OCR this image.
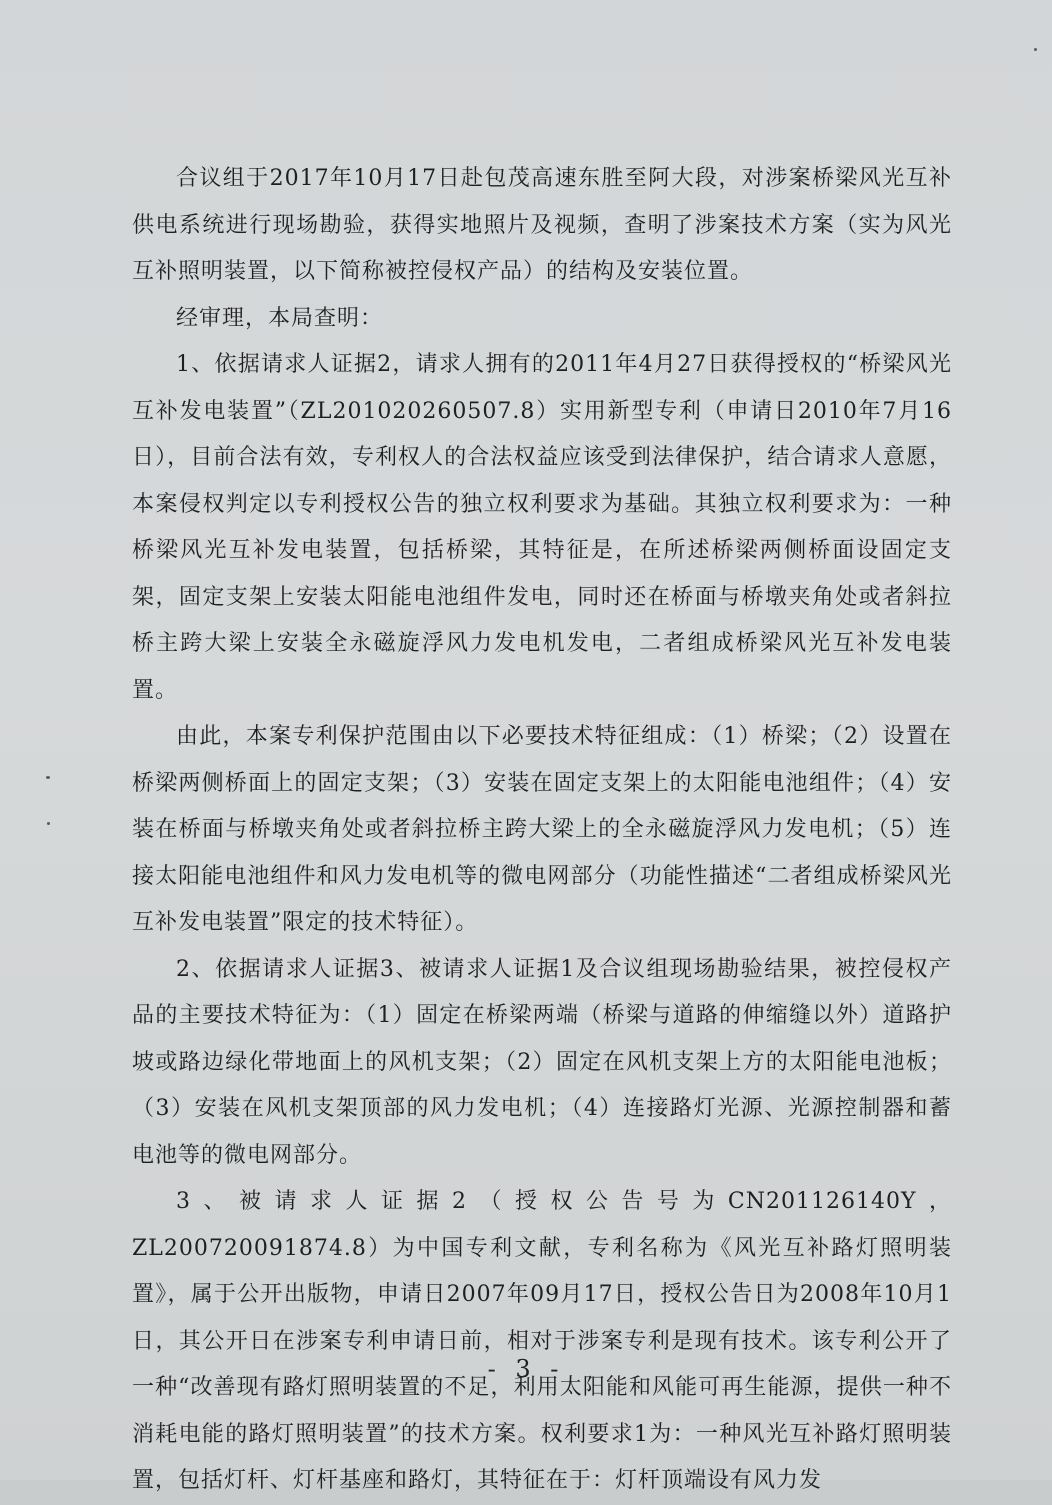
合议组于2017年10月17日赴包茂高速东胜至阿大段，对涉案桥梁风光互补供电系统进行现场勘验，获得实地照片及视频，查明了涉案技术方案（实为风光互补照明装置，以下简称被控侵权产品）的结构及安装位置。

经审理，本局查明：

1、依据请求人证据2，请求人拥有的2011年4月27日获得授权的“桥梁风光互补发电装置”（ZL201020260507.8）实用新型专利（申请日2010年7月16日），目前合法有效，专利权人的合法权益应该受到法律保护，结合请求人意愿，本案侵权判定以专利授权公告的独立权利要求为基础。其独立权利要求为：一种桥梁风光互补发电装置，包括桥梁，其特征是，在所述桥梁两侧桥面设固定支架，固定支架上安装太阳能电池组件发电，同时还在桥面与桥墩夹角处或者斜拉桥主跨大梁上安装全永磁旋浮风力发电机发电，二者组成桥梁风光互补发电装置。

由此，本案专利保护范围由以下必要技术特征组成：（1）桥梁；（2）设置在桥梁两侧桥面上的固定支架；（3）安装在固定支架上的太阳能电池组件；（4）安装在桥面与桥墩夹角处或者斜拉桥主跨大梁上的全永磁旋浮风力发电机；（5）连接太阳能电池组件和风力发电机等的微电网部分（功能性描述“二者组成桥梁风光互补发电装置”限定的技术特征）。

2、依据请求人证据3、被请求人证据1及合议组现场勘验结果，被控侵权产品的主要技术特征为：（1）固定在桥梁两端（桥梁与道路的伸缩缝以外）道路护坡或路边绿化带地面上的风机支架；（2）固定在风机支架上方的太阳能电池板；（3）安装在风机支架顶部的风力发电机；（4）连接路灯光源、光源控制器和蓄电池等的微电网部分。

3、被请求人证据2（授权公告号为CN201126140Y，ZL200720091874.8）为中国专利文献，专利名称为《风光互补路灯照明装置》，属于公开出版物，申请日2007年09月17日，授权公告日为2008年10月1日，其公开日在涉案专利申请日前，相对于涉案专利是现有技术。该专利公开了一种“改善现有路灯照明装置的不足，利用太阳能和风能可再生能源，提供一种不消耗电能的路灯照明装置”的技术方案。权利要求1为：一种风光互补路灯照明装置，包括灯杆、灯杆基座和路灯，其特征在于：灯杆顶端设有风力发

- 3 -
